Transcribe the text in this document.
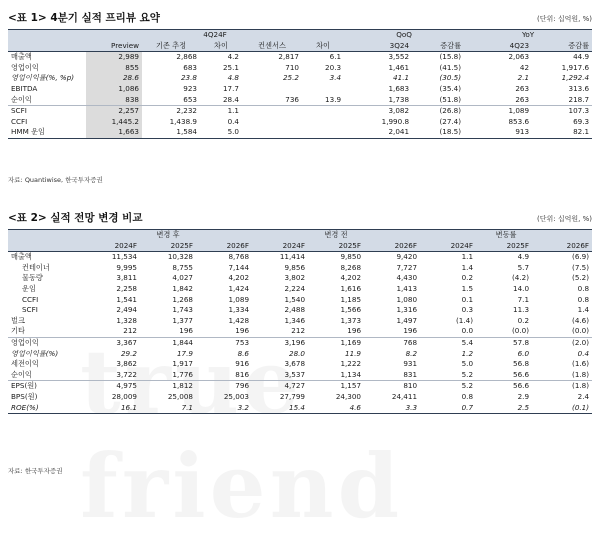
<표 1> 4분기 실적 프리뷰 요약	(단위: 십억원, %)
	4Q24F					QoQ		YoY	
	Preview	기존 추정	차이	컨센서스	차이	3Q24	증감률	4Q23	증감률
매출액	2,989	2,868	4.2	2,817	6.1	3,552	(15.8)	2,063	44.9
영업이익	855	683	25.1	710	20.3	1,461	(41.5)	42	1,917.6
영업이익률(%, %p)	28.6	23.8	4.8	25.2	3.4	41.1	(30.5)	2.1	1,292.4
EBITDA	1,086	923	17.7			1,683	(35.4)	263	313.6
순이익	838	653	28.4	736	13.9	1,738	(51.8)	263	218.7
SCFI	2,257	2,232	1.1			3,082	(26.8)	1,089	107.3
CCFI	1,445.2	1,438.9	0.4			1,990.8	(27.4)	853.6	69.3
HMM 운임	1,663	1,584	5.0			2,041	(18.5)	913	82.1
자료: Quantiwise, 한국투자증권
<표 2> 실적 전망 변경 비교	(단위: 십억원, %)
	변경 후			변경 전			변동률		
	2024F	2025F	2026F	2024F	2025F	2026F	2024F	2025F	2026F
매출액	11,534	10,328	8,768	11,414	9,850	9,420	1.1	4.9	(6.9)
컨테이너	9,995	8,755	7,144	9,856	8,268	7,727	1.4	5.7	(7.5)
물동량	3,811	4,027	4,202	3,802	4,202	4,430	0.2	(4.2)	(5.2)
운임	2,258	1,842	1,424	2,224	1,616	1,413	1.5	14.0	0.8
CCFI	1,541	1,268	1,089	1,540	1,185	1,080	0.1	7.1	0.8
SCFI	2,494	1,743	1,334	2,488	1,566	1,316	0.3	11.3	1.4
벌크	1,328	1,377	1,428	1,346	1,373	1,497	(1.4)	0.2	(4.6)
기타	212	196	196	212	196	196	0.0	(0.0)	(0.0)
영업이익	3,367	1,844	753	3,196	1,169	768	5.4	57.8	(2.0)
영업이익률(%)	29.2	17.9	8.6	28.0	11.9	8.2	1.2	6.0	0.4
세전이익	3,862	1,917	916	3,678	1,222	931	5.0	56.8	(1.6)
순이익	3,722	1,776	816	3,537	1,134	831	5.2	56.6	(1.8)
EPS(원)	4,975	1,812	796	4,727	1,157	810	5.2	56.6	(1.8)
BPS(원)	28,009	25,008	25,003	27,799	24,300	24,411	0.8	2.9	2.4
ROE(%)	16.1	7.1	3.2	15.4	4.6	3.3	0.7	2.5	(0.1)
자료: 한국투자증권
